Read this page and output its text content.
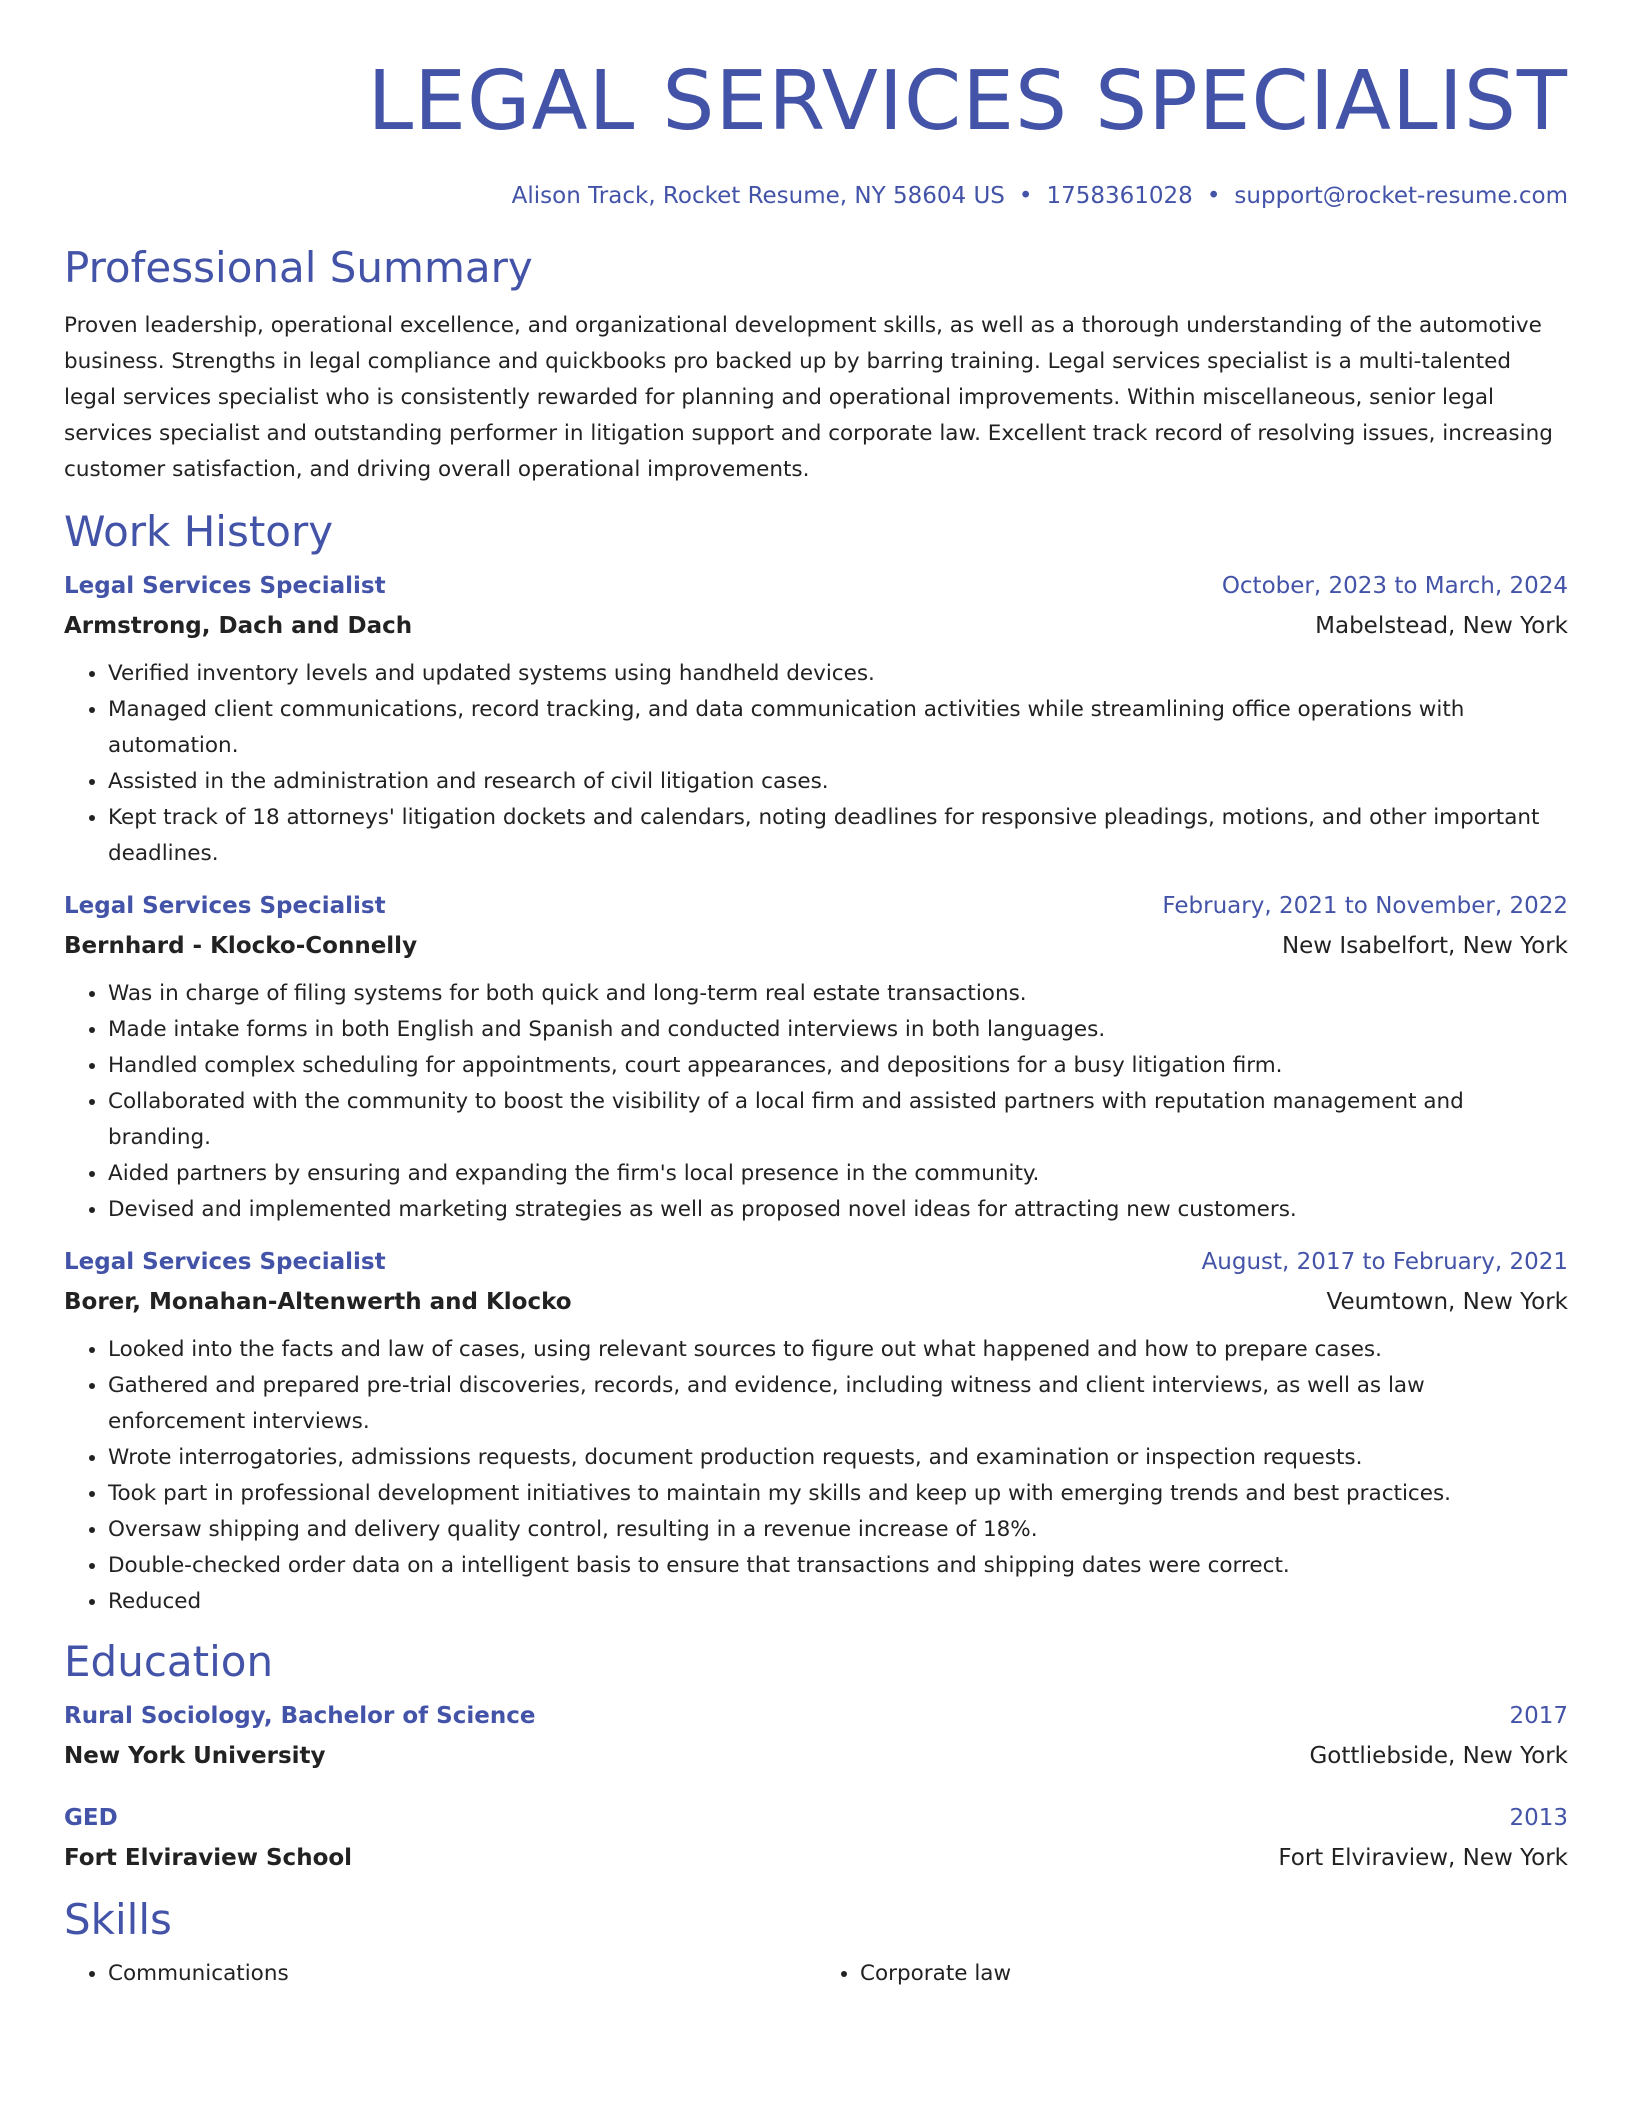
LEGAL SERVICES SPECIALIST
Alison Track, Rocket Resume, NY 58604 US • 1758361028 • support@rocket-resume.com
Professional Summary
Proven leadership, operational excellence, and organizational development skills, as well as a thorough understanding of the automotive business. Strengths in legal compliance and quickbooks pro backed up by barring training. Legal services specialist is a multi-talented legal services specialist who is consistently rewarded for planning and operational improvements. Within miscellaneous, senior legal services specialist and outstanding performer in litigation support and corporate law. Excellent track record of resolving issues, increasing customer satisfaction, and driving overall operational improvements.
Work History
Legal Services Specialist	October, 2023 to March, 2024
Armstrong, Dach and Dach	Mabelstead, New York
• Verified inventory levels and updated systems using handheld devices.
• Managed client communications, record tracking, and data communication activities while streamlining office operations with automation.
• Assisted in the administration and research of civil litigation cases.
• Kept track of 18 attorneys' litigation dockets and calendars, noting deadlines for responsive pleadings, motions, and other important deadlines.
Legal Services Specialist	February, 2021 to November, 2022
Bernhard - Klocko-Connelly	New Isabelfort, New York
• Was in charge of filing systems for both quick and long-term real estate transactions.
• Made intake forms in both English and Spanish and conducted interviews in both languages.
• Handled complex scheduling for appointments, court appearances, and depositions for a busy litigation firm.
• Collaborated with the community to boost the visibility of a local firm and assisted partners with reputation management and branding.
• Aided partners by ensuring and expanding the firm's local presence in the community.
• Devised and implemented marketing strategies as well as proposed novel ideas for attracting new customers.
Legal Services Specialist	August, 2017 to February, 2021
Borer, Monahan-Altenwerth and Klocko	Veumtown, New York
• Looked into the facts and law of cases, using relevant sources to figure out what happened and how to prepare cases.
• Gathered and prepared pre-trial discoveries, records, and evidence, including witness and client interviews, as well as law enforcement interviews.
• Wrote interrogatories, admissions requests, document production requests, and examination or inspection requests.
• Took part in professional development initiatives to maintain my skills and keep up with emerging trends and best practices.
• Oversaw shipping and delivery quality control, resulting in a revenue increase of 18%.
• Double-checked order data on a intelligent basis to ensure that transactions and shipping dates were correct.
• Reduced
Education
Rural Sociology, Bachelor of Science	2017
New York University	Gottliebside, New York
GED	2013
Fort Elviraview School	Fort Elviraview, New York
Skills
• Communications
•	Corporate law
